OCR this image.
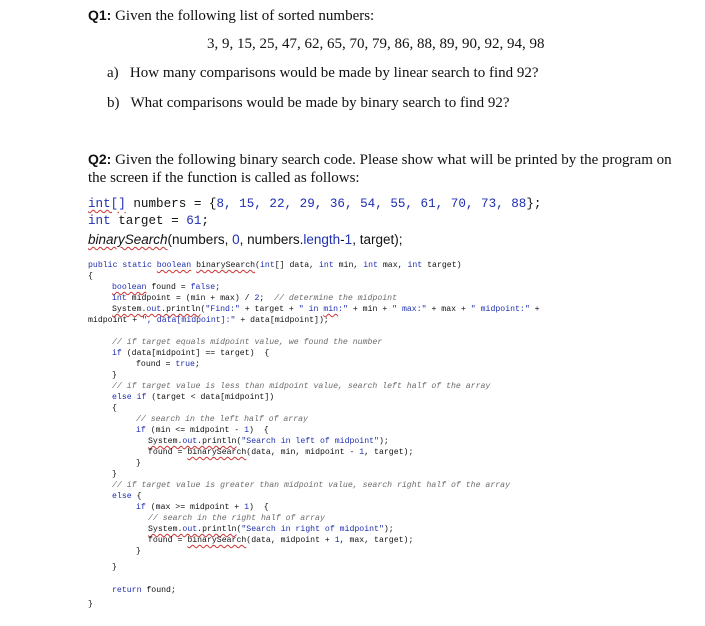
Q1: Given the following list of sorted numbers:
3, 9, 15, 25, 47, 62, 65, 70, 79, 86, 88, 89, 90, 92, 94, 98
a) How many comparisons would be made by linear search to find 92?
b) What comparisons would be made by binary search to find 92?
Q2: Given the following binary search code. Please show what will be printed by the program on
the screen if the function is called as follows:
int[] numbers = {8, 15, 22, 29, 36, 54, 55, 61, 70, 73, 88};
int target = 61;
binarySearch(numbers, 0, numbers.length-1, target);
public static boolean binarySearch(int[] data, int min, int max, int target)
{
boolean found = false;
int midpoint = (min + max) / 2;  // determine the midpoint
System.out.println("Find:" + target + " in min:" + min + " max:" + max + " midpoint:" +
midpoint + ", data[midpoint]:" + data[midpoint]);
// if target equals midpoint value, we found the number
if (data[midpoint] == target)  {
found = true;
}
// if target value is less than midpoint value, search left half of the array
else if (target < data[midpoint])
{
// search in the left half of array
if (min <= midpoint - 1)  {
System.out.println("Search in left of midpoint");
found = binarySearch(data, min, midpoint - 1, target);
}
}
// if target value is greater than midpoint value, search right half of the array
else {
if (max >= midpoint + 1)  {
// search in the right half of array
System.out.println("Search in right of midpoint");
found = binarySearch(data, midpoint + 1, max, target);
}
}
return found;
}
